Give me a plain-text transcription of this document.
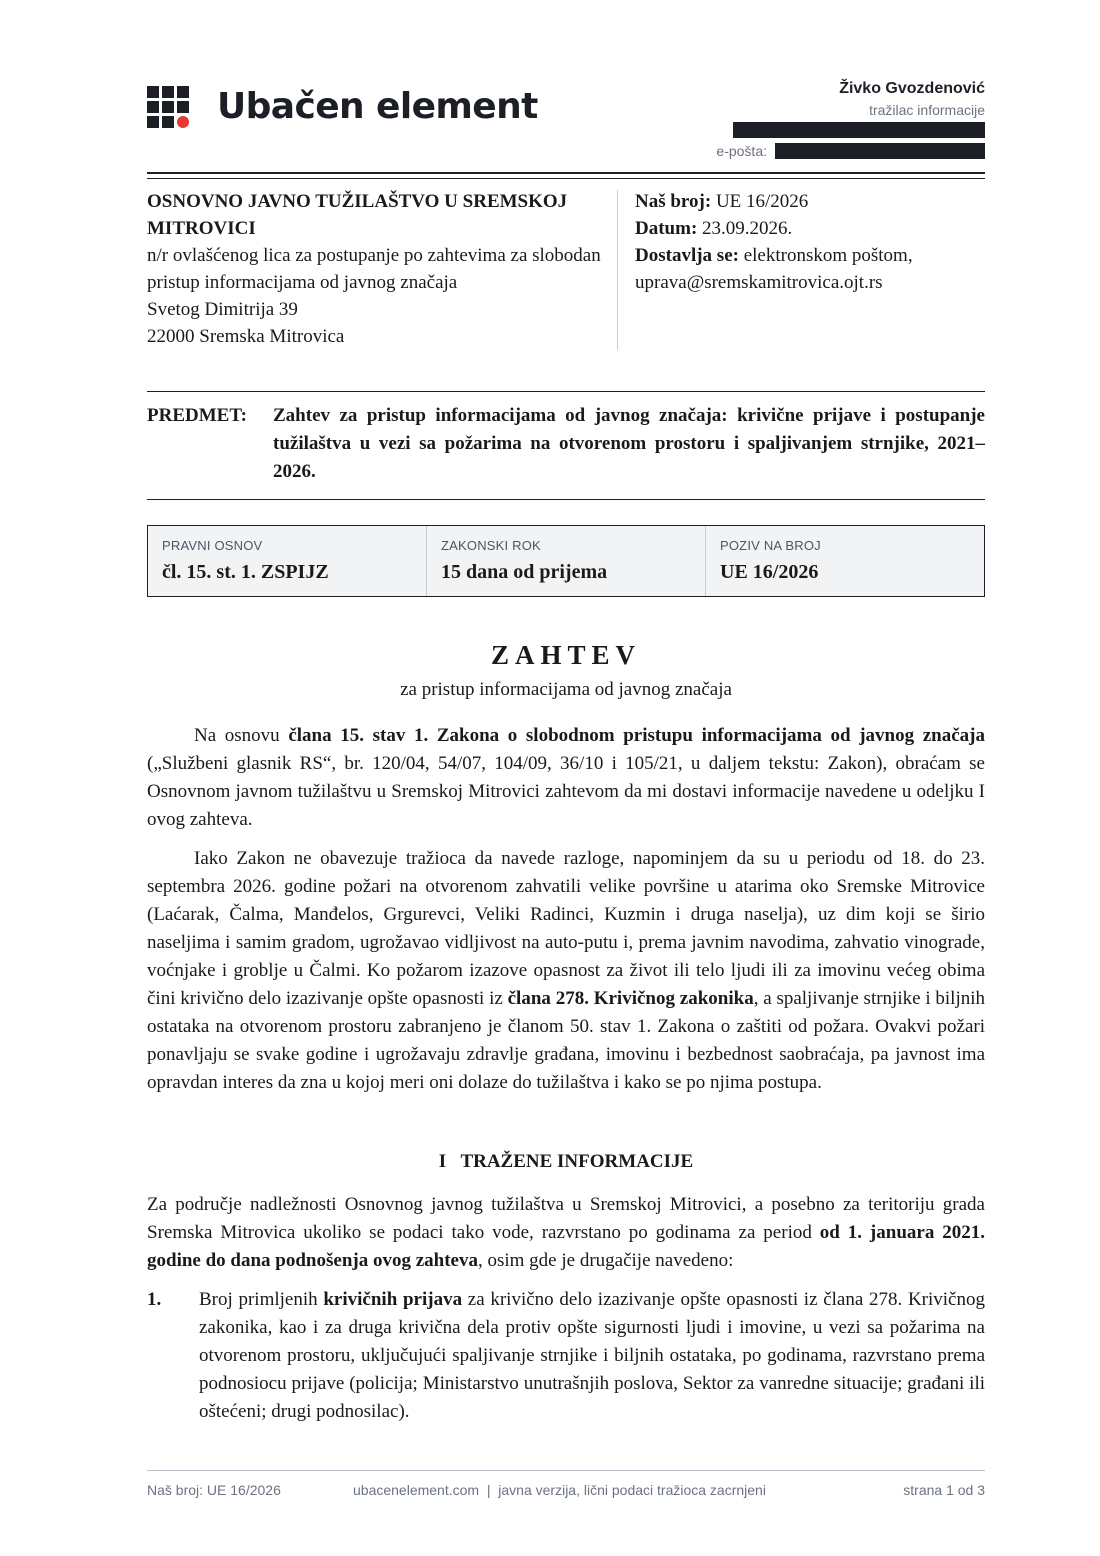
Ubačen element	Živko Gvozdenović
tražilac informacije
e-pošta:
OSNOVNO JAVNO TUŽILAŠTVO U SREMSKOJ MITROVICI
n/r ovlašćenog lica za postupanje po zahtevima za slobodan pristup informacijama od javnog značaja
Svetog Dimitrija 39
22000 Sremska Mitrovica
Naš broj: UE 16/2026
Datum: 23.09.2026.
Dostavlja se: elektronskom poštom,
uprava@sremskamitrovica.ojt.rs
PREDMET:	Zahtev za pristup informacijama od javnog značaja: krivične prijave i postupanje tužilaštva u vezi sa požarima na otvorenom prostoru i spaljivanjem strnjike, 2021–2026.
PRAVNI OSNOV
čl. 15. st. 1. ZSPIJZ
ZAKONSKI ROK
15 dana od prijema
POZIV NA BROJ
UE 16/2026
ZAHTEV
za pristup informacijama od javnog značaja

Na osnovu člana 15. stav 1. Zakona o slobodnom pristupu informacijama od javnog značaja („Službeni glasnik RS“, br. 120/04, 54/07, 104/09, 36/10 i 105/21, u daljem tekstu: Zakon), obraćam se Osnovnom javnom tužilaštvu u Sremskoj Mitrovici zahtevom da mi dostavi informacije navedene u odeljku I ovog zahteva.

Iako Zakon ne obavezuje tražioca da navede razloge, napominjem da su u periodu od 18. do 23. septembra 2026. godine požari na otvorenom zahvatili velike površine u atarima oko Sremske Mitrovice (Laćarak, Čalma, Manđelos, Grgurevci, Veliki Radinci, Kuzmin i druga naselja), uz dim koji se širio naseljima i samim gradom, ugrožavao vidljivost na auto-putu i, prema javnim navodima, zahvatio vinograde, voćnjake i groblje u Čalmi. Ko požarom izazove opasnost za život ili telo ljudi ili za imovinu većeg obima čini krivično delo izazivanje opšte opasnosti iz člana 278. Krivičnog zakonika, a spaljivanje strnjike i biljnih ostataka na otvorenom prostoru zabranjeno je članom 50. stav 1. Zakona o zaštiti od požara. Ovakvi požari ponavljaju se svake godine i ugrožavaju zdravlje građana, imovinu i bezbednost saobraćaja, pa javnost ima opravdan interes da zna u kojoj meri oni dolaze do tužilaštva i kako se po njima postupa.

I TRAŽENE INFORMACIJE

Za područje nadležnosti Osnovnog javnog tužilaštva u Sremskoj Mitrovici, a posebno za teritoriju grada Sremska Mitrovica ukoliko se podaci tako vode, razvrstano po godinama za period od 1. januara 2021. godine do dana podnošenja ovog zahteva, osim gde je drugačije navedeno:

1.	Broj primljenih krivičnih prijava za krivično delo izazivanje opšte opasnosti iz člana 278. Krivičnog zakonika, kao i za druga krivična dela protiv opšte sigurnosti ljudi i imovine, u vezi sa požarima na otvorenom prostoru, uključujući spaljivanje strnjike i biljnih ostataka, po godinama, razvrstano prema podnosiocu prijave (policija; Ministarstvo unutrašnjih poslova, Sektor za vanredne situacije; građani ili oštećeni; drugi podnosilac).
Naš broj: UE 16/2026	ubacenelement.com  |  javna verzija, lični podaci tražioca zacrnjeni	strana 1 od 3
